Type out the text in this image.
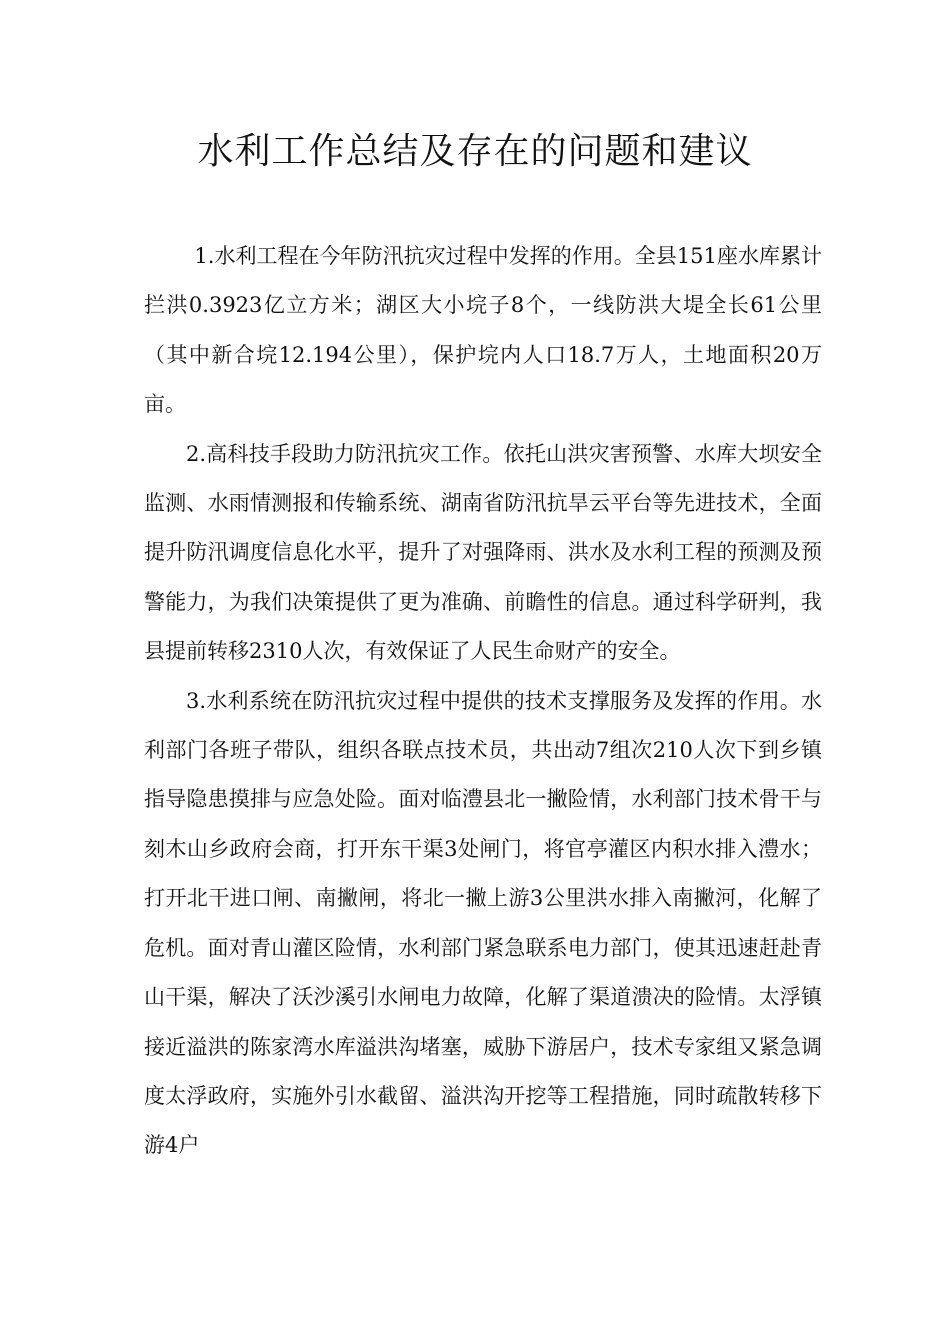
水利工作总结及存在的问题和建议

1.水利工程在今年防汛抗灾过程中发挥的作用。全县151座水库累计拦洪0.3923亿立方米；湖区大小垸子8个，一线防洪大堤全长61公里（其中新合垸12.194公里），保护垸内人口18.7万人，土地面积20万亩。

2.高科技手段助力防汛抗灾工作。依托山洪灾害预警、水库大坝安全监测、水雨情测报和传输系统、湖南省防汛抗旱云平台等先进技术，全面提升防汛调度信息化水平，提升了对强降雨、洪水及水利工程的预测及预警能力，为我们决策提供了更为准确、前瞻性的信息。通过科学研判，我县提前转移2310人次，有效保证了人民生命财产的安全。

3.水利系统在防汛抗灾过程中提供的技术支撑服务及发挥的作用。水利部门各班子带队，组织各联点技术员，共出动7组次210人次下到乡镇指导隐患摸排与应急处险。面对临澧县北一撇险情，水利部门技术骨干与刻木山乡政府会商，打开东干渠3处闸门，将官亭灌区内积水排入澧水；打开北干进口闸、南撇闸，将北一撇上游3公里洪水排入南撇河，化解了危机。面对青山灌区险情，水利部门紧急联系电力部门，使其迅速赶赴青山干渠，解决了沃沙溪引水闸电力故障，化解了渠道溃决的险情。太浮镇接近溢洪的陈家湾水库溢洪沟堵塞，威胁下游居户，技术专家组又紧急调度太浮政府，实施外引水截留、溢洪沟开挖等工程措施，同时疏散转移下游4户
